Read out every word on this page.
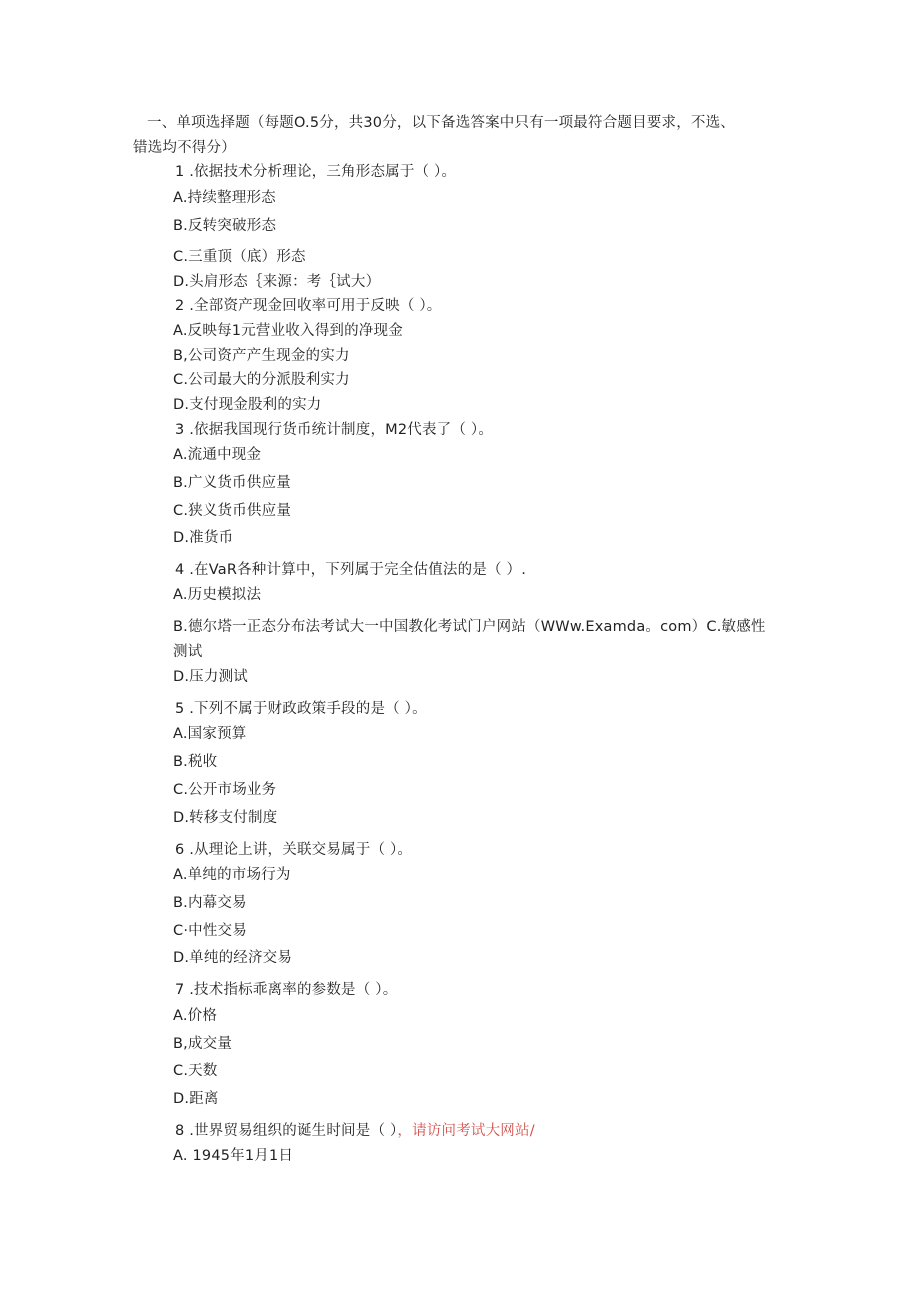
一、单项选择题（每题O.5分，共30分，以下备选答案中只有一项最符合题目要求，不选、
错选均不得分）
1 .依据技术分析理论，三角形态属于（ ）。
A.持续整理形态
B.反转突破形态
C.三重顶（底）形态
D.头肩形态｛来源：考｛试大）
2 .全部资产现金回收率可用于反映（ ）。
A.反映每1元营业收入得到的净现金
B,公司资产产生现金的实力
C.公司最大的分派股利实力
D.支付现金股利的实力
3 .依据我国现行货币统计制度，M2代表了（ ）。
A.流通中现金
B.广义货币供应量
C.狭义货币供应量
D.准货币
4 .在VaR各种计算中，下列属于完全估值法的是（ ）.
A.历史模拟法
B.德尔塔一正态分布法考试大一中国教化考试门户网站（WWw.Examda。com）C.敏感性
测试
D.压力测试
5 .下列不属于财政政策手段的是（ ）。
A.国家预算
B.税收
C.公开市场业务
D.转移支付制度
6 .从理论上讲，关联交易属于（ ）。
A.单纯的市场行为
B.内幕交易
C·中性交易
D.单纯的经济交易
7 .技术指标乖离率的参数是（ ）。
A.价格
B,成交量
C.天数
D.距离
8 .世界贸易组织的诞生时间是（ ），请访问考试大网站/
A. 1945年1月1日
